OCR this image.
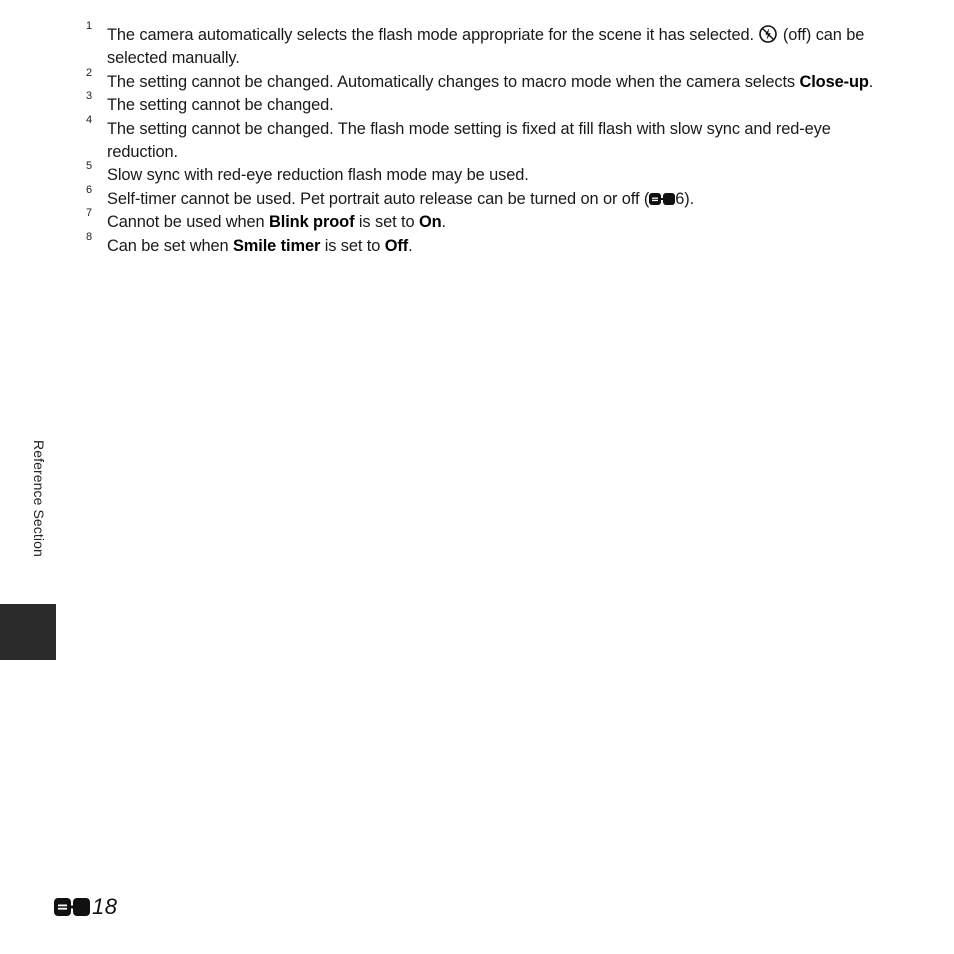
1 The camera automatically selects the flash mode appropriate for the scene it has selected.  (off) can be selected manually.
2 The setting cannot be changed. Automatically changes to macro mode when the camera selects Close-up.
3 The setting cannot be changed.
4 The setting cannot be changed. The flash mode setting is fixed at fill flash with slow sync and red-eye reduction.
5 Slow sync with red-eye reduction flash mode may be used.
6 Self-timer cannot be used. Pet portrait auto release can be turned on or off ( 6).
7 Cannot be used when Blink proof is set to On.
8 Can be set when Smile timer is set to Off.
Reference Section
18
